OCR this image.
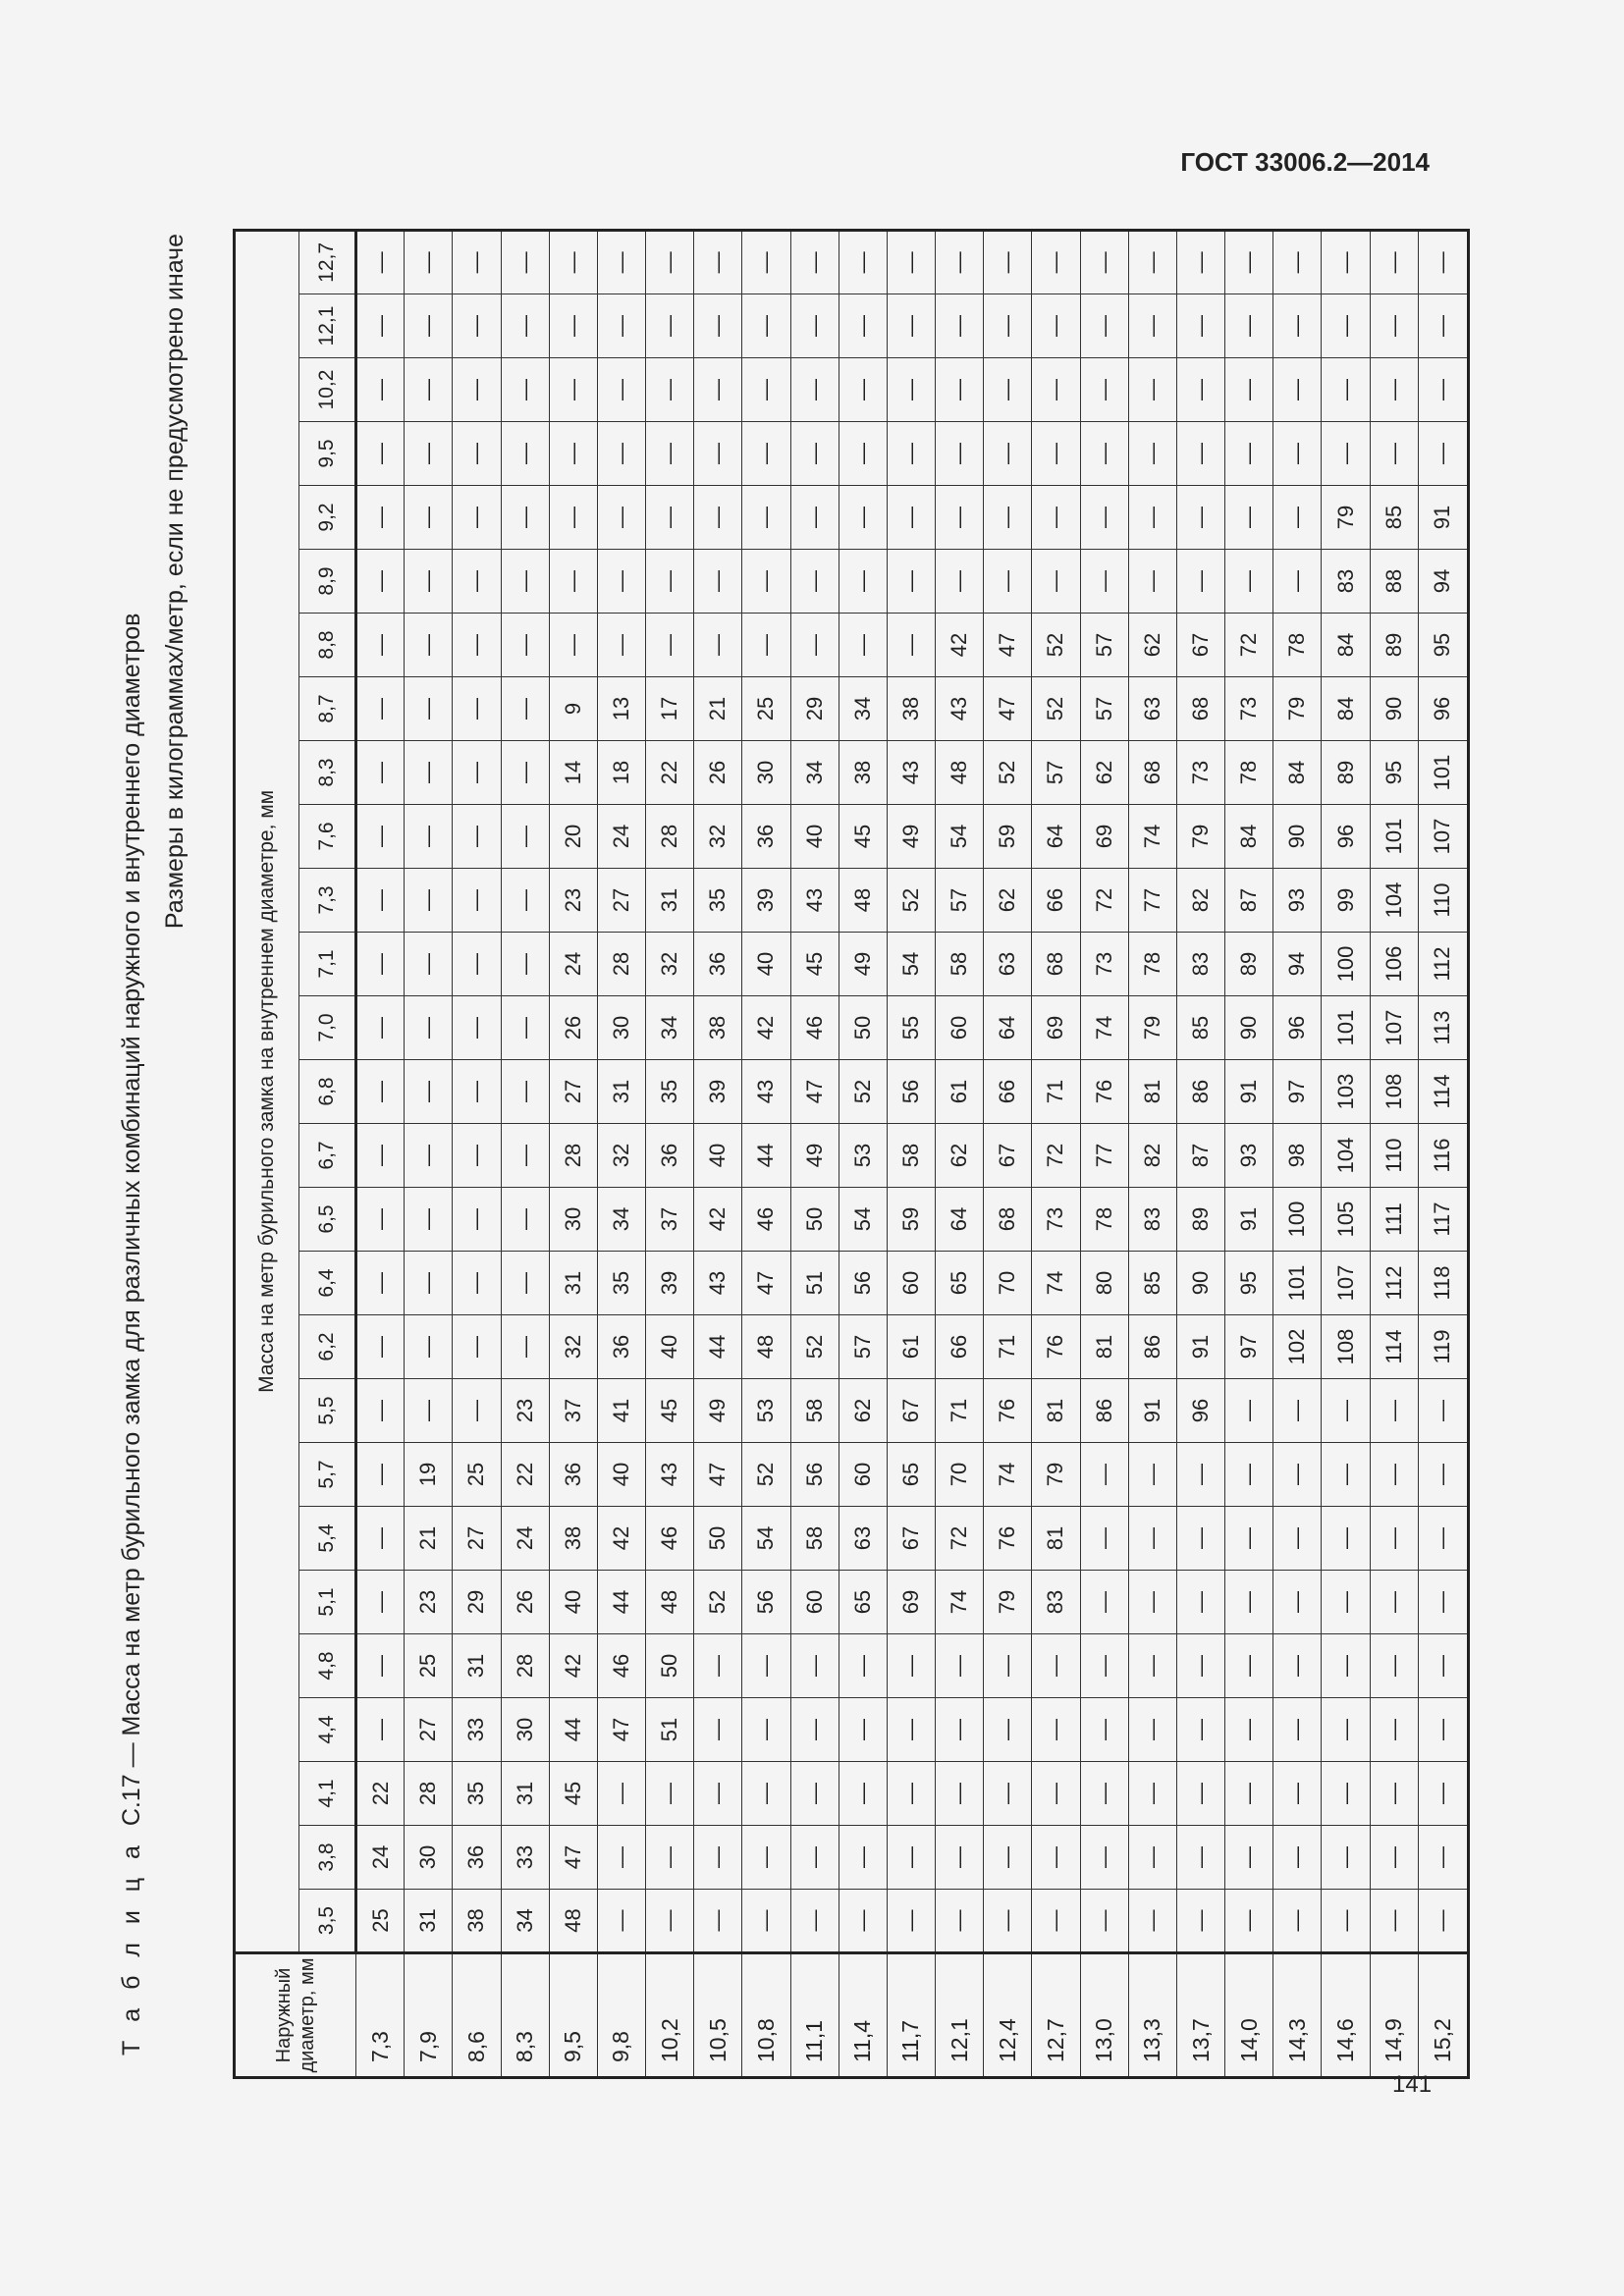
ГОСТ 33006.2—2014
Т а б л и ц а  С.17 — Масса на метр бурильного замка для различных комбинаций наружного и внутреннего диаметров
Размеры в килограммах/метр, если не предусмотрено иначе
Наружный диаметр, мм	Масса на метр бурильного замка на внутреннем диаметре, мм																										
	3,5	3,8	4,1	4,4	4,8	5,1	5,4	5,7	5,5	6,2	6,4	6,5	6,7	6,8	7,0	7,1	7,3	7,6	8,3	8,7	8,8	8,9	9,2	9,5	10,2	12,1	12,7
7,3	25	24	22	—	—	—	—	—	—	—	—	—	—	—	—	—	—	—	—	—	—	—	—	—	—	—	—
7,9	31	30	28	27	25	23	21	19	—	—	—	—	—	—	—	—	—	—	—	—	—	—	—	—	—	—	—
8,6	38	36	35	33	31	29	27	25	—	—	—	—	—	—	—	—	—	—	—	—	—	—	—	—	—	—	—
8,3	34	33	31	30	28	26	24	22	23	—	—	—	—	—	—	—	—	—	—	—	—	—	—	—	—	—	—
9,5	48	47	45	44	42	40	38	36	37	32	31	30	28	27	26	24	23	20	14	9	—	—	—	—	—	—	—
9,8	—	—	—	47	46	44	42	40	41	36	35	34	32	31	30	28	27	24	18	13	—	—	—	—	—	—	—
10,2	—	—	—	51	50	48	46	43	45	40	39	37	36	35	34	32	31	28	22	17	—	—	—	—	—	—	—
10,5	—	—	—	—	—	52	50	47	49	44	43	42	40	39	38	36	35	32	26	21	—	—	—	—	—	—	—
10,8	—	—	—	—	—	56	54	52	53	48	47	46	44	43	42	40	39	36	30	25	—	—	—	—	—	—	—
11,1	—	—	—	—	—	60	58	56	58	52	51	50	49	47	46	45	43	40	34	29	—	—	—	—	—	—	—
11,4	—	—	—	—	—	65	63	60	62	57	56	54	53	52	50	49	48	45	38	34	—	—	—	—	—	—	—
11,7	—	—	—	—	—	69	67	65	67	61	60	59	58	56	55	54	52	49	43	38	—	—	—	—	—	—	—
12,1	—	—	—	—	—	74	72	70	71	66	65	64	62	61	60	58	57	54	48	43	42	—	—	—	—	—	—
12,4	—	—	—	—	—	79	76	74	76	71	70	68	67	66	64	63	62	59	52	47	47	—	—	—	—	—	—
12,7	—	—	—	—	—	83	81	79	81	76	74	73	72	71	69	68	66	64	57	52	52	—	—	—	—	—	—
13,0	—	—	—	—	—	—	—	—	86	81	80	78	77	76	74	73	72	69	62	57	57	—	—	—	—	—	—
13,3	—	—	—	—	—	—	—	—	91	86	85	83	82	81	79	78	77	74	68	63	62	—	—	—	—	—	—
13,7	—	—	—	—	—	—	—	—	96	91	90	89	87	86	85	83	82	79	73	68	67	—	—	—	—	—	—
14,0	—	—	—	—	—	—	—	—	—	97	95	91	93	91	90	89	87	84	78	73	72	—	—	—	—	—	—
14,3	—	—	—	—	—	—	—	—	—	102	101	100	98	97	96	94	93	90	84	79	78	—	—	—	—	—	—
14,6	—	—	—	—	—	—	—	—	—	108	107	105	104	103	101	100	99	96	89	84	84	83	79	—	—	—	—
14,9	—	—	—	—	—	—	—	—	—	114	112	111	110	108	107	106	104	101	95	90	89	88	85	—	—	—	—
15,2	—	—	—	—	—	—	—	—	—	119	118	117	116	114	113	112	110	107	101	96	95	94	91	—	—	—	—
141
